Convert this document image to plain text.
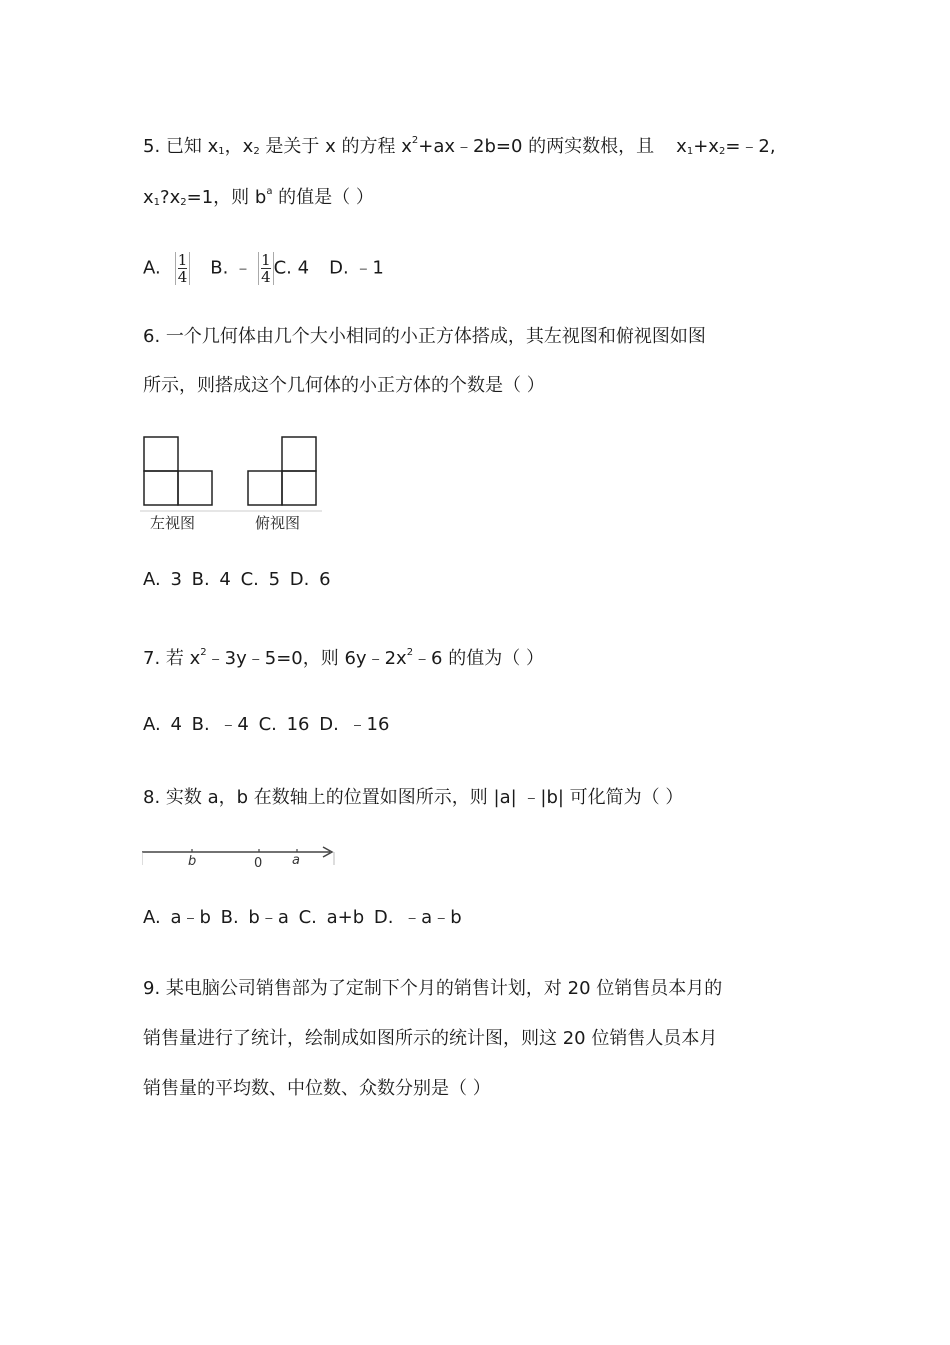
5. 已知 $x_1$，$x_2$ 是关于 x 的方程 $x^2+ax﹣2b=0$ 的两实数根，且 $x_1+x_2=﹣2$,
$x_1?x_2=1$，则 $b^a$ 的值是（ ）
A. $\frac{1}{4} B$. ﹣ $\frac{1}{4} C$. 4 D. ﹣1
6. 一个几何体由几个大小相同的小正方体搭成，其左视图和俯视图如图
所示，则搭成这个几何体的小正方体的个数是（ ）
左视图	俯视图
A. 3 B. 4 C. 5 D. 6
7. 若 $x^2﹣3y﹣5=0$，则 $6y﹣2x^2﹣6$ 的值为（ ）
A. 4 B. ﹣4 C. 16 D. ﹣16
8. 实数 a，b 在数轴上的位置如图所示，则 |a| ﹣|b| 可化简为（ ）
b	0 a
A. a﹣b B. b﹣a C. a+b D. ﹣a﹣b
9. 某电脑公司销售部为了定制下个月的销售计划，对 20 位销售员本月的
销售量进行了统计，绘制成如图所示的统计图，则这 20 位销售人员本月
销售量的平均数、中位数、众数分别是（ ）
